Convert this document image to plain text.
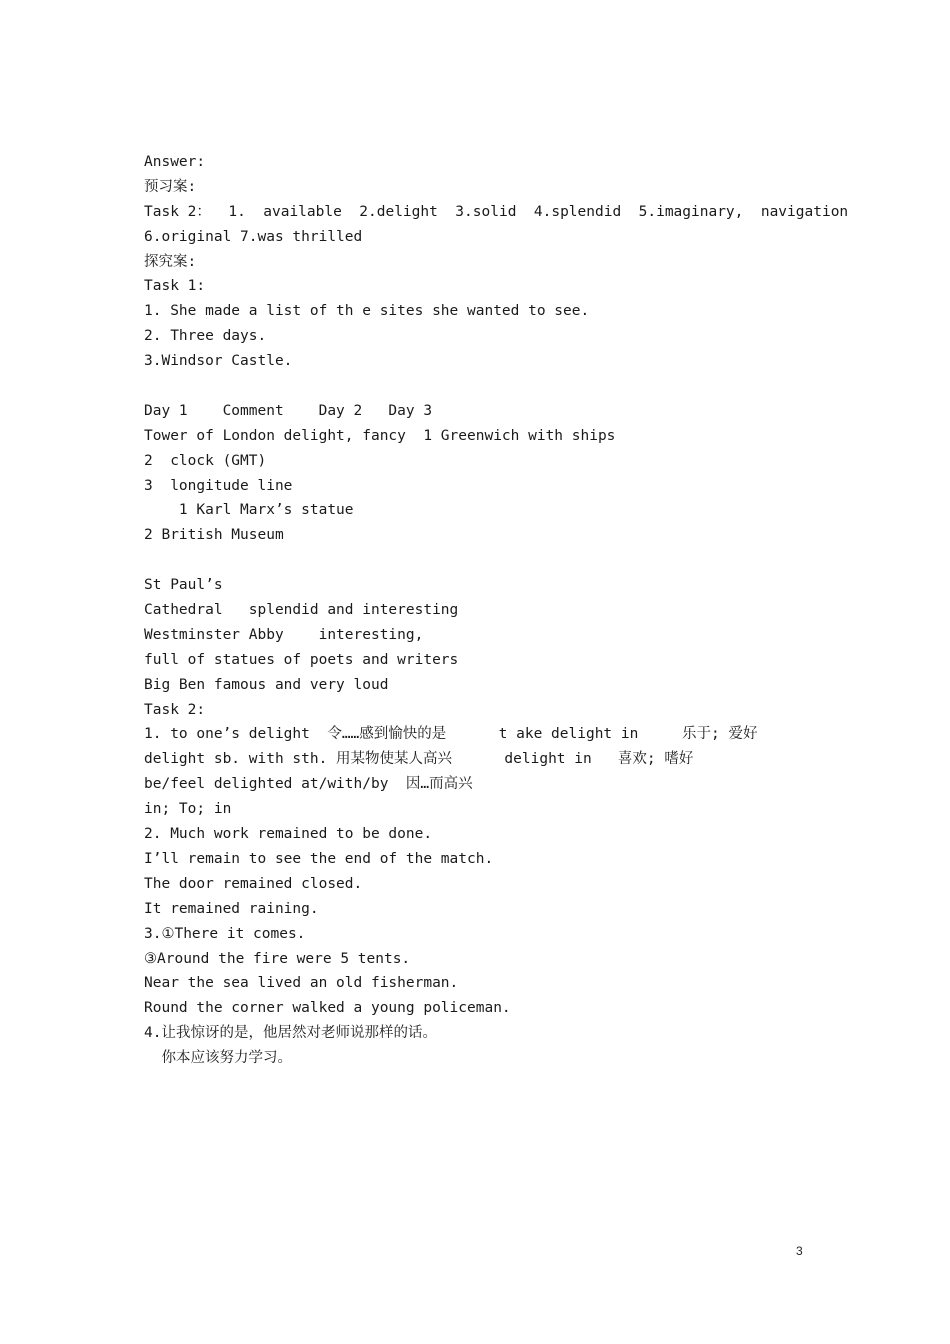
Answer:
预习案:
Task 2：  1.  available  2.delight  3.solid  4.splendid  5.imaginary,  navigation
6.original 7.was thrilled
探究案:
Task 1:
1. She made a list of th e sites she wanted to see.
2. Three days.
3.Windsor Castle.
Day 1    Comment    Day 2   Day 3
Tower of London delight, fancy  1 Greenwich with ships
2  clock (GMT)
3  longitude line
1 Karl Marx’s statue
2 British Museum
St Paul’s
Cathedral   splendid and interesting
Westminster Abby    interesting,
full of statues of poets and writers
Big Ben famous and very loud
Task 2:
1. to one’s delight  令……感到愉快的是      t ake delight in     乐于; 爱好
delight sb. with sth. 用某物使某人高兴      delight in   喜欢; 嗜好
be/feel delighted at/with/by  因…而高兴
in; To; in
2. Much work remained to be done.
I’ll remain to see the end of the match.
The door remained closed.
It remained raining.
3.①There it comes.
③Around the fire were 5 tents.
Near the sea lived an old fisherman.
Round the corner walked a young policeman.
4.让我惊讶的是，他居然对老师说那样的话。
你本应该努力学习。
3
